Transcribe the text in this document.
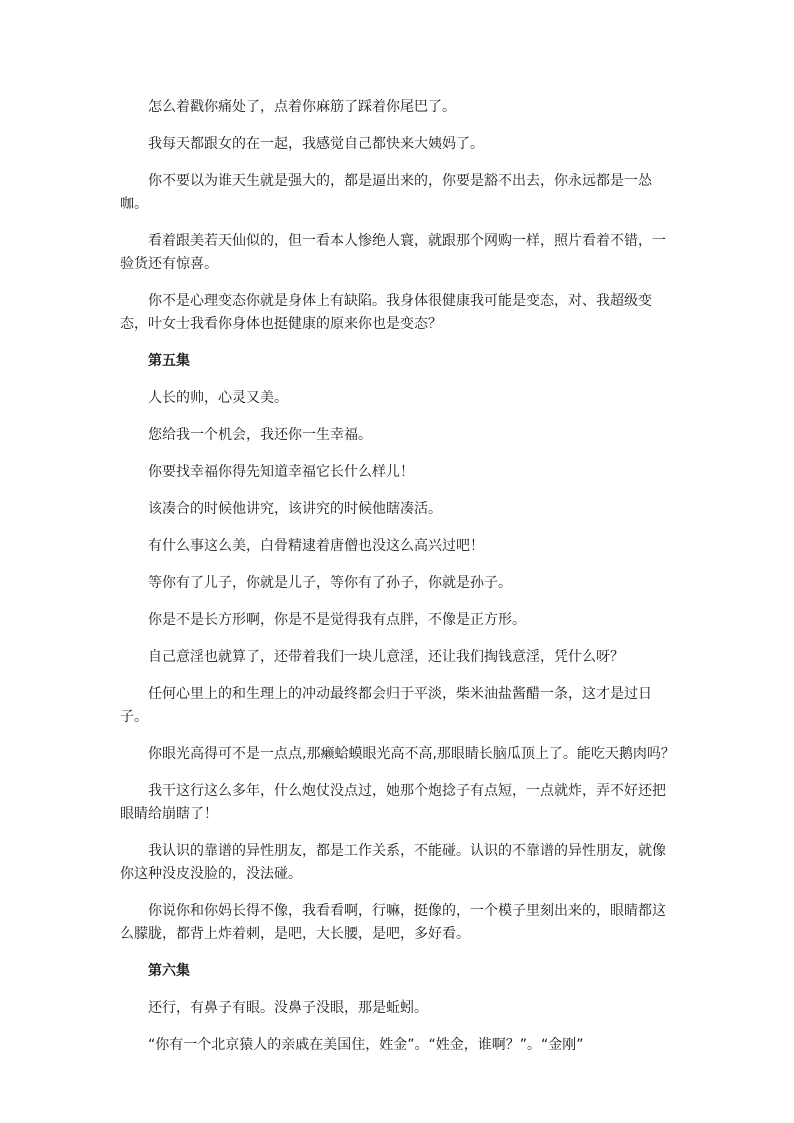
怎么着戳你痛处了，点着你麻筋了踩着你尾巴了。

我每天都跟女的在一起，我感觉自己都快来大姨妈了。

你不要以为谁天生就是强大的，都是逼出来的，你要是豁不出去，你永远都是一怂咖。

看着跟美若天仙似的，但一看本人惨绝人寰，就跟那个网购一样，照片看着不错，一验货还有惊喜。

你不是心理变态你就是身体上有缺陷。我身体很健康我可能是变态，对、我超级变态，叶女士我看你身体也挺健康的原来你也是变态？

第五集

人长的帅，心灵又美。

您给我一个机会，我还你一生幸福。

你要找幸福你得先知道幸福它长什么样儿！

该凑合的时候他讲究，该讲究的时候他瞎凑活。

有什么事这么美，白骨精逮着唐僧也没这么高兴过吧！

等你有了儿子，你就是儿子，等你有了孙子，你就是孙子。

你是不是长方形啊，你是不是觉得我有点胖，不像是正方形。

自己意淫也就算了，还带着我们一块儿意淫，还让我们掏钱意淫，凭什么呀？

任何心里上的和生理上的冲动最终都会归于平淡，柴米油盐酱醋一条，这才是过日子。

你眼光高得可不是一点点,那癞蛤蟆眼光高不高,那眼睛长脑瓜顶上了。能吃天鹅肉吗？

我干这行这么多年，什么炮仗没点过，她那个炮捻子有点短，一点就炸，弄不好还把眼睛给崩瞎了！

我认识的靠谱的异性朋友，都是工作关系，不能碰。认识的不靠谱的异性朋友，就像你这种没皮没脸的，没法碰。

你说你和你妈长得不像，我看看啊，行嘛，挺像的，一个模子里刻出来的，眼睛都这么朦胧，都背上炸着刺，是吧，大长腰，是吧，多好看。

第六集

还行，有鼻子有眼。没鼻子没眼，那是蚯蚓。

“你有一个北京猿人的亲戚在美国住，姓金”。“姓金，谁啊？”。“金刚”
